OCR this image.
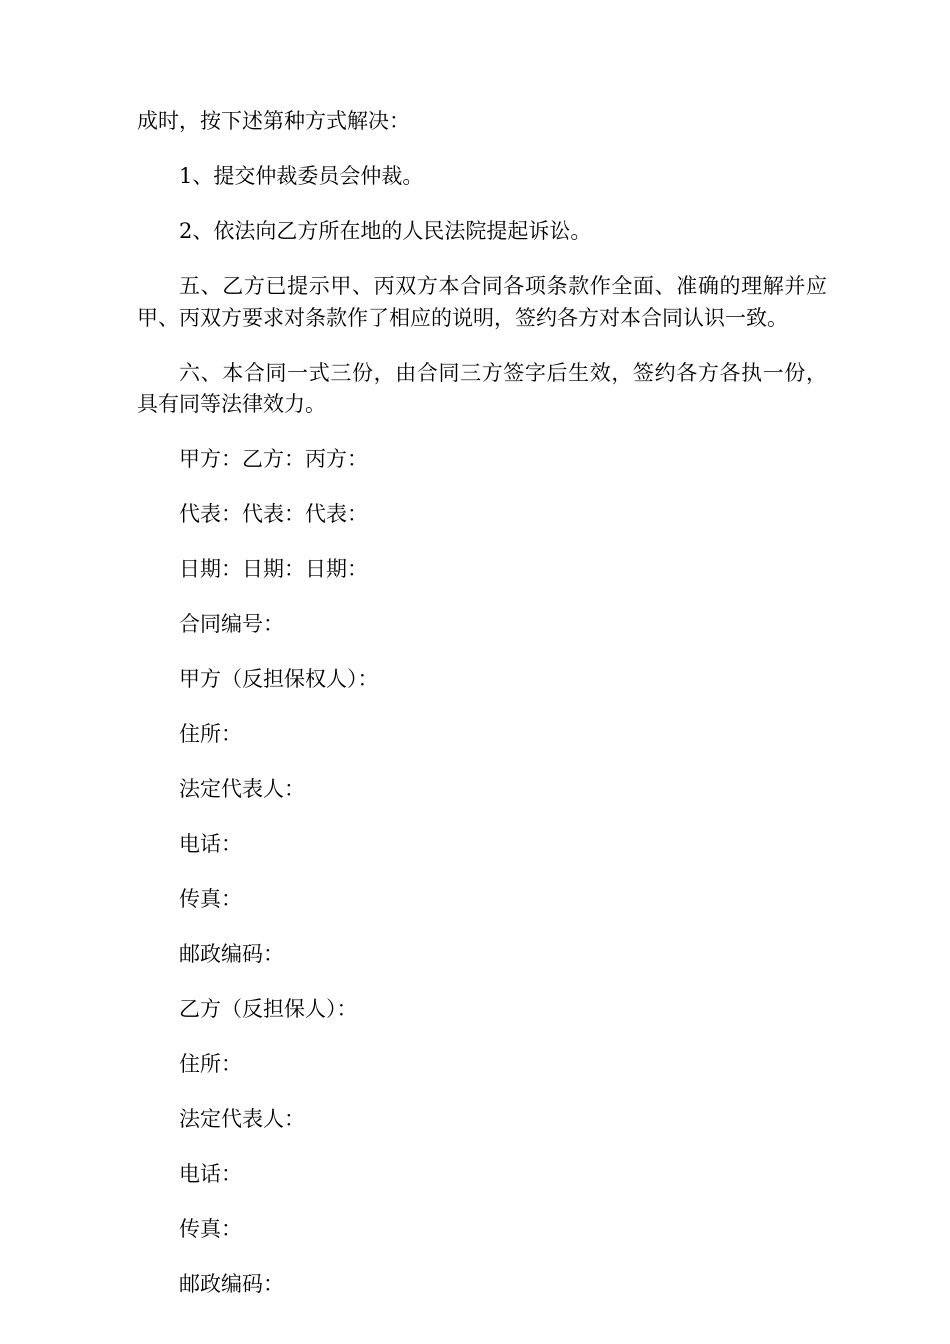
成时，按下述第种方式解决：

1、提交仲裁委员会仲裁。

2、依法向乙方所在地的人民法院提起诉讼。

五、乙方已提示甲、丙双方本合同各项条款作全面、准确的理解并应甲、丙双方要求对条款作了相应的说明，签约各方对本合同认识一致。

六、本合同一式三份，由合同三方签字后生效，签约各方各执一份，具有同等法律效力。

甲方：乙方：丙方：

代表：代表：代表：

日期：日期：日期：

合同编号：

甲方（反担保权人）：

住所：

法定代表人：

电话：

传真：

邮政编码：

乙方（反担保人）：

住所：

法定代表人：

电话：

传真：

邮政编码：
